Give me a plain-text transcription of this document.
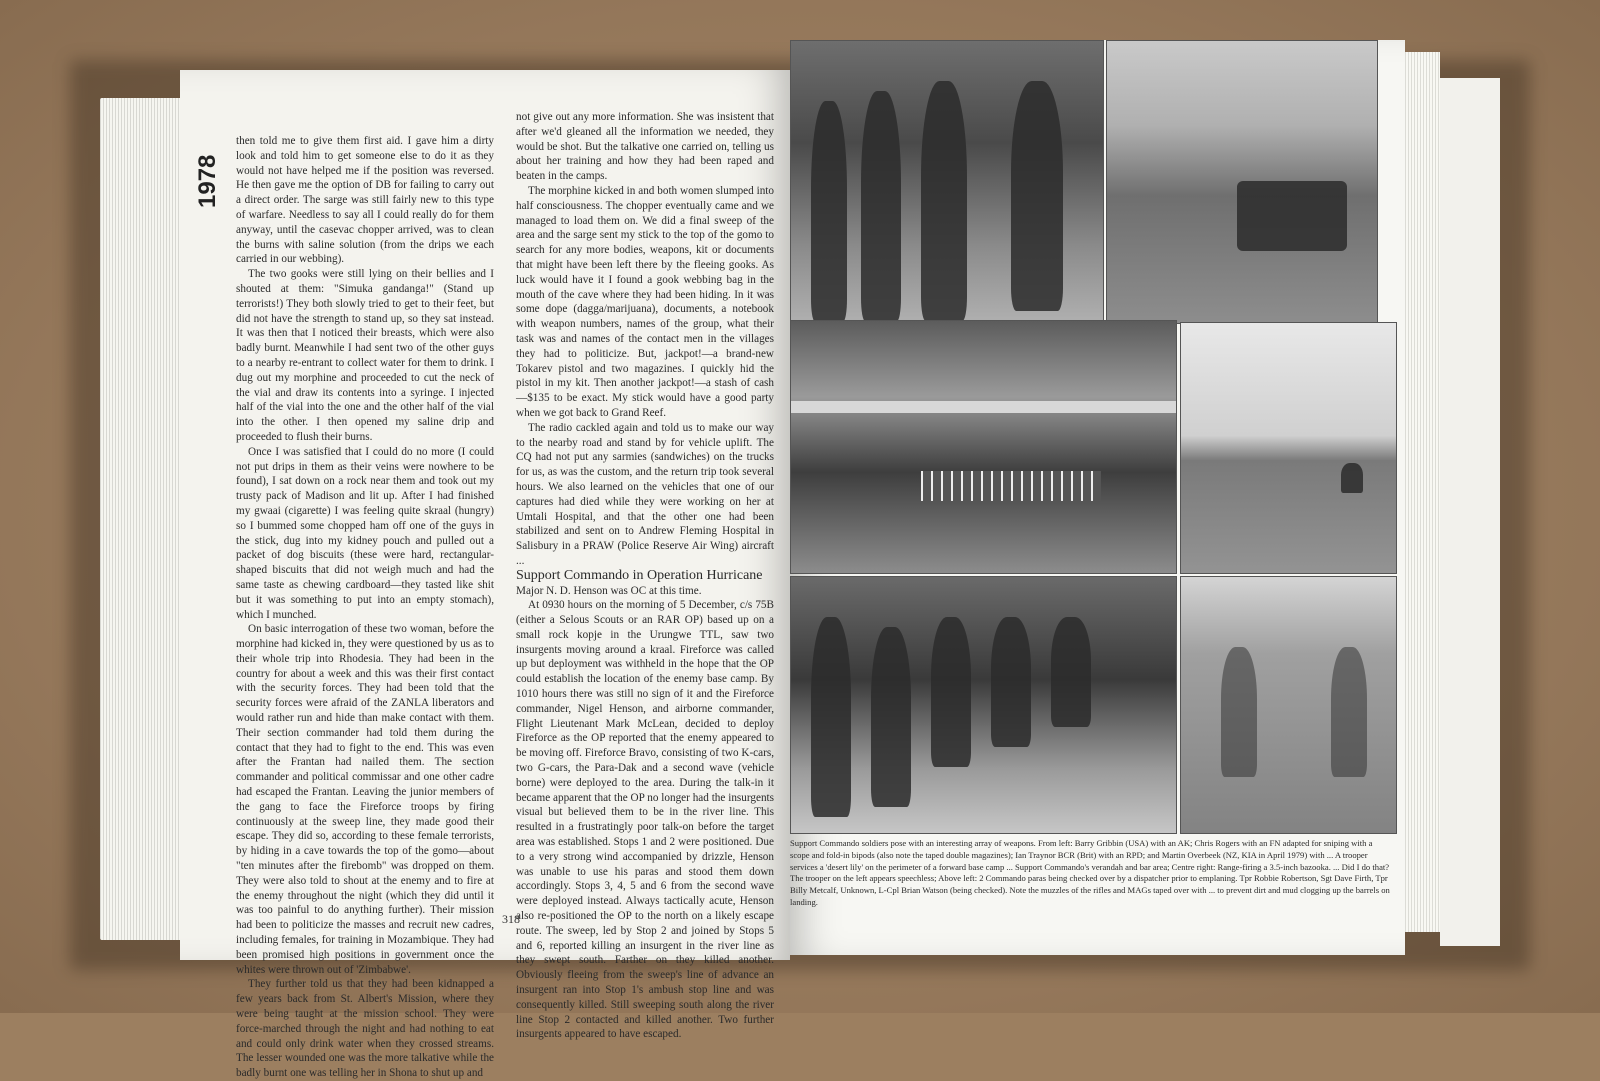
1978

then told me to give them first aid. I gave him a dirty look and told him to get someone else to do it as they would not have helped me if the position was reversed. He then gave me the option of DB for failing to carry out a direct order. The sarge was still fairly new to this type of warfare. Needless to say all I could really do for them anyway, until the casevac chopper arrived, was to clean the burns with saline solution (from the drips we each carried in our webbing).

The two gooks were still lying on their bellies and I shouted at them: "Simuka gandanga!" (Stand up terrorists!) They both slowly tried to get to their feet, but did not have the strength to stand up, so they sat instead. It was then that I noticed their breasts, which were also badly burnt. Meanwhile I had sent two of the other guys to a nearby re-entrant to collect water for them to drink. I dug out my morphine and proceeded to cut the neck of the vial and draw its contents into a syringe. I injected half of the vial into the one and the other half of the vial into the other. I then opened my saline drip and proceeded to flush their burns.

Once I was satisfied that I could do no more (I could not put drips in them as their veins were nowhere to be found), I sat down on a rock near them and took out my trusty pack of Madison and lit up. After I had finished my gwaai (cigarette) I was feeling quite skraal (hungry) so I bummed some chopped ham off one of the guys in the stick, dug into my kidney pouch and pulled out a packet of dog biscuits (these were hard, rectangular-shaped biscuits that did not weigh much and had the same taste as chewing cardboard—they tasted like shit but it was something to put into an empty stomach), which I munched.

On basic interrogation of these two woman, before the morphine had kicked in, they were questioned by us as to their whole trip into Rhodesia. They had been in the country for about a week and this was their first contact with the security forces. They had been told that the security forces were afraid of the ZANLA liberators and would rather run and hide than make contact with them. Their section commander had told them during the contact that they had to fight to the end. This was even after the Frantan had nailed them. The section commander and political commissar and one other cadre had escaped the Frantan. Leaving the junior members of the gang to face the Fireforce troops by firing continuously at the sweep line, they made good their escape. They did so, according to these female terrorists, by hiding in a cave towards the top of the gomo—about "ten minutes after the firebomb" was dropped on them. They were also told to shout at the enemy and to fire at the enemy throughout the night (which they did until it was too painful to do anything further). Their mission had been to politicize the masses and recruit new cadres, including females, for training in Mozambique. They had been promised high positions in government once the whites were thrown out of 'Zimbabwe'.

They further told us that they had been kidnapped a few years back from St. Albert's Mission, where they were being taught at the mission school. They were force-marched through the night and had nothing to eat and could only drink water when they crossed streams. The lesser wounded one was the more talkative while the badly burnt one was telling her in Shona to shut up and

not give out any more information. She was insistent that after we'd gleaned all the information we needed, they would be shot. But the talkative one carried on, telling us about her training and how they had been raped and beaten in the camps.

The morphine kicked in and both women slumped into half consciousness. The chopper eventually came and we managed to load them on. We did a final sweep of the area and the sarge sent my stick to the top of the gomo to search for any more bodies, weapons, kit or documents that might have been left there by the fleeing gooks. As luck would have it I found a gook webbing bag in the mouth of the cave where they had been hiding. In it was some dope (dagga/marijuana), documents, a notebook with weapon numbers, names of the group, what their task was and names of the contact men in the villages they had to politicize. But, jackpot!—a brand-new Tokarev pistol and two magazines. I quickly hid the pistol in my kit. Then another jackpot!—a stash of cash—$135 to be exact. My stick would have a good party when we got back to Grand Reef.

The radio cackled again and told us to make our way to the nearby road and stand by for vehicle uplift. The CQ had not put any sarmies (sandwiches) on the trucks for us, as was the custom, and the return trip took several hours. We also learned on the vehicles that one of our captures had died while they were working on her at Umtali Hospital, and that the other one had been stabilized and sent on to Andrew Fleming Hospital in Salisbury in a PRAW (Police Reserve Air Wing) aircraft ...

Support Commando in Operation Hurricane

Major N. D. Henson was OC at this time.

At 0930 hours on the morning of 5 December, c/s 75B (either a Selous Scouts or an RAR OP) based up on a small rock kopje in the Urungwe TTL, saw two insurgents moving around a kraal. Fireforce was called up but deployment was withheld in the hope that the OP could establish the location of the enemy base camp. By 1010 hours there was still no sign of it and the Fireforce commander, Nigel Henson, and airborne commander, Flight Lieutenant Mark McLean, decided to deploy Fireforce as the OP reported that the enemy appeared to be moving off. Fireforce Bravo, consisting of two K-cars, two G-cars, the Para-Dak and a second wave (vehicle borne) were deployed to the area. During the talk-in it became apparent that the OP no longer had the insurgents visual but believed them to be in the river line. This resulted in a frustratingly poor talk-on before the target area was established. Stops 1 and 2 were positioned. Due to a very strong wind accompanied by drizzle, Henson was unable to use his paras and stood them down accordingly. Stops 3, 4, 5 and 6 from the second wave were deployed instead. Always tactically acute, Henson also re-positioned the OP to the north on a likely escape route. The sweep, led by Stop 2 and joined by Stops 5 and 6, reported killing an insurgent in the river line as they swept south. Farther on they killed another. Obviously fleeing from the sweep's line of advance an insurgent ran into Stop 1's ambush stop line and was consequently killed. Still sweeping south along the river line Stop 2 contacted and killed another. Two further insurgents appeared to have escaped.

318
Support Commando soldiers pose with an interesting array of weapons. From left: Barry Gribbin (USA) with an AK; Chris Rogers with an FN adapted for sniping with a scope and fold-in bipods (also note the taped double magazines); Ian Traynor BCR (Brit) with an RPD; and Martin Overbeek (NZ, KIA in April 1979) with ... A trooper services a 'desert lily' on the perimeter of a forward base camp ... Support Commando's verandah and bar area; Centre right: Range-firing a 3.5-inch bazooka. ... Did I do that? The trooper on the left appears speechless; Above left: 2 Commando paras being checked over by a dispatcher prior to emplaning. Tpr Robbie Robertson, Sgt Dave Firth, Tpr Billy Metcalf, Unknown, L-Cpl Brian Watson (being checked). Note the muzzles of the rifles and MAGs taped over with ... to prevent dirt and mud clogging up the barrels on landing.
